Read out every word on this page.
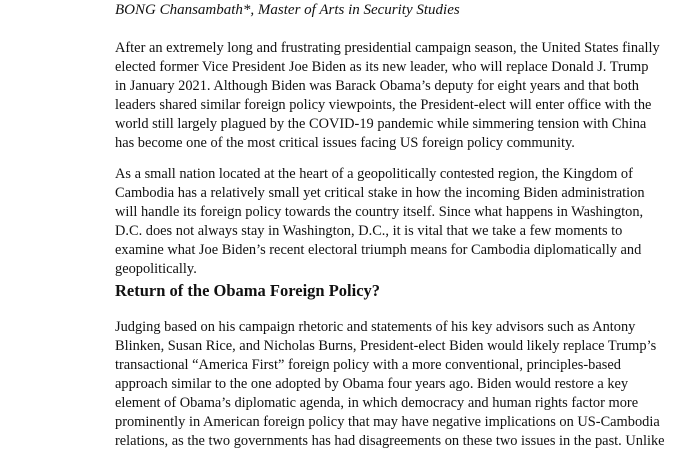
BONG Chansambath*, Master of Arts in Security Studies
After an extremely long and frustrating presidential campaign season, the United States finally
elected former Vice President Joe Biden as its new leader, who will replace Donald J. Trump
in January 2021. Although Biden was Barack Obama’s deputy for eight years and that both
leaders shared similar foreign policy viewpoints, the President-elect will enter office with the
world still largely plagued by the COVID-19 pandemic while simmering tension with China
has become one of the most critical issues facing US foreign policy community.
As a small nation located at the heart of a geopolitically contested region, the Kingdom of
Cambodia has a relatively small yet critical stake in how the incoming Biden administration
will handle its foreign policy towards the country itself. Since what happens in Washington,
D.C. does not always stay in Washington, D.C., it is vital that we take a few moments to
examine what Joe Biden’s recent electoral triumph means for Cambodia diplomatically and
geopolitically.
Return of the Obama Foreign Policy?
Judging based on his campaign rhetoric and statements of his key advisors such as Antony
Blinken, Susan Rice, and Nicholas Burns, President-elect Biden would likely replace Trump’s
transactional “America First” foreign policy with a more conventional, principles-based
approach similar to the one adopted by Obama four years ago. Biden would restore a key
element of Obama’s diplomatic agenda, in which democracy and human rights factor more
prominently in American foreign policy that may have negative implications on US-Cambodia
relations, as the two governments has had disagreements on these two issues in the past. Unlike
